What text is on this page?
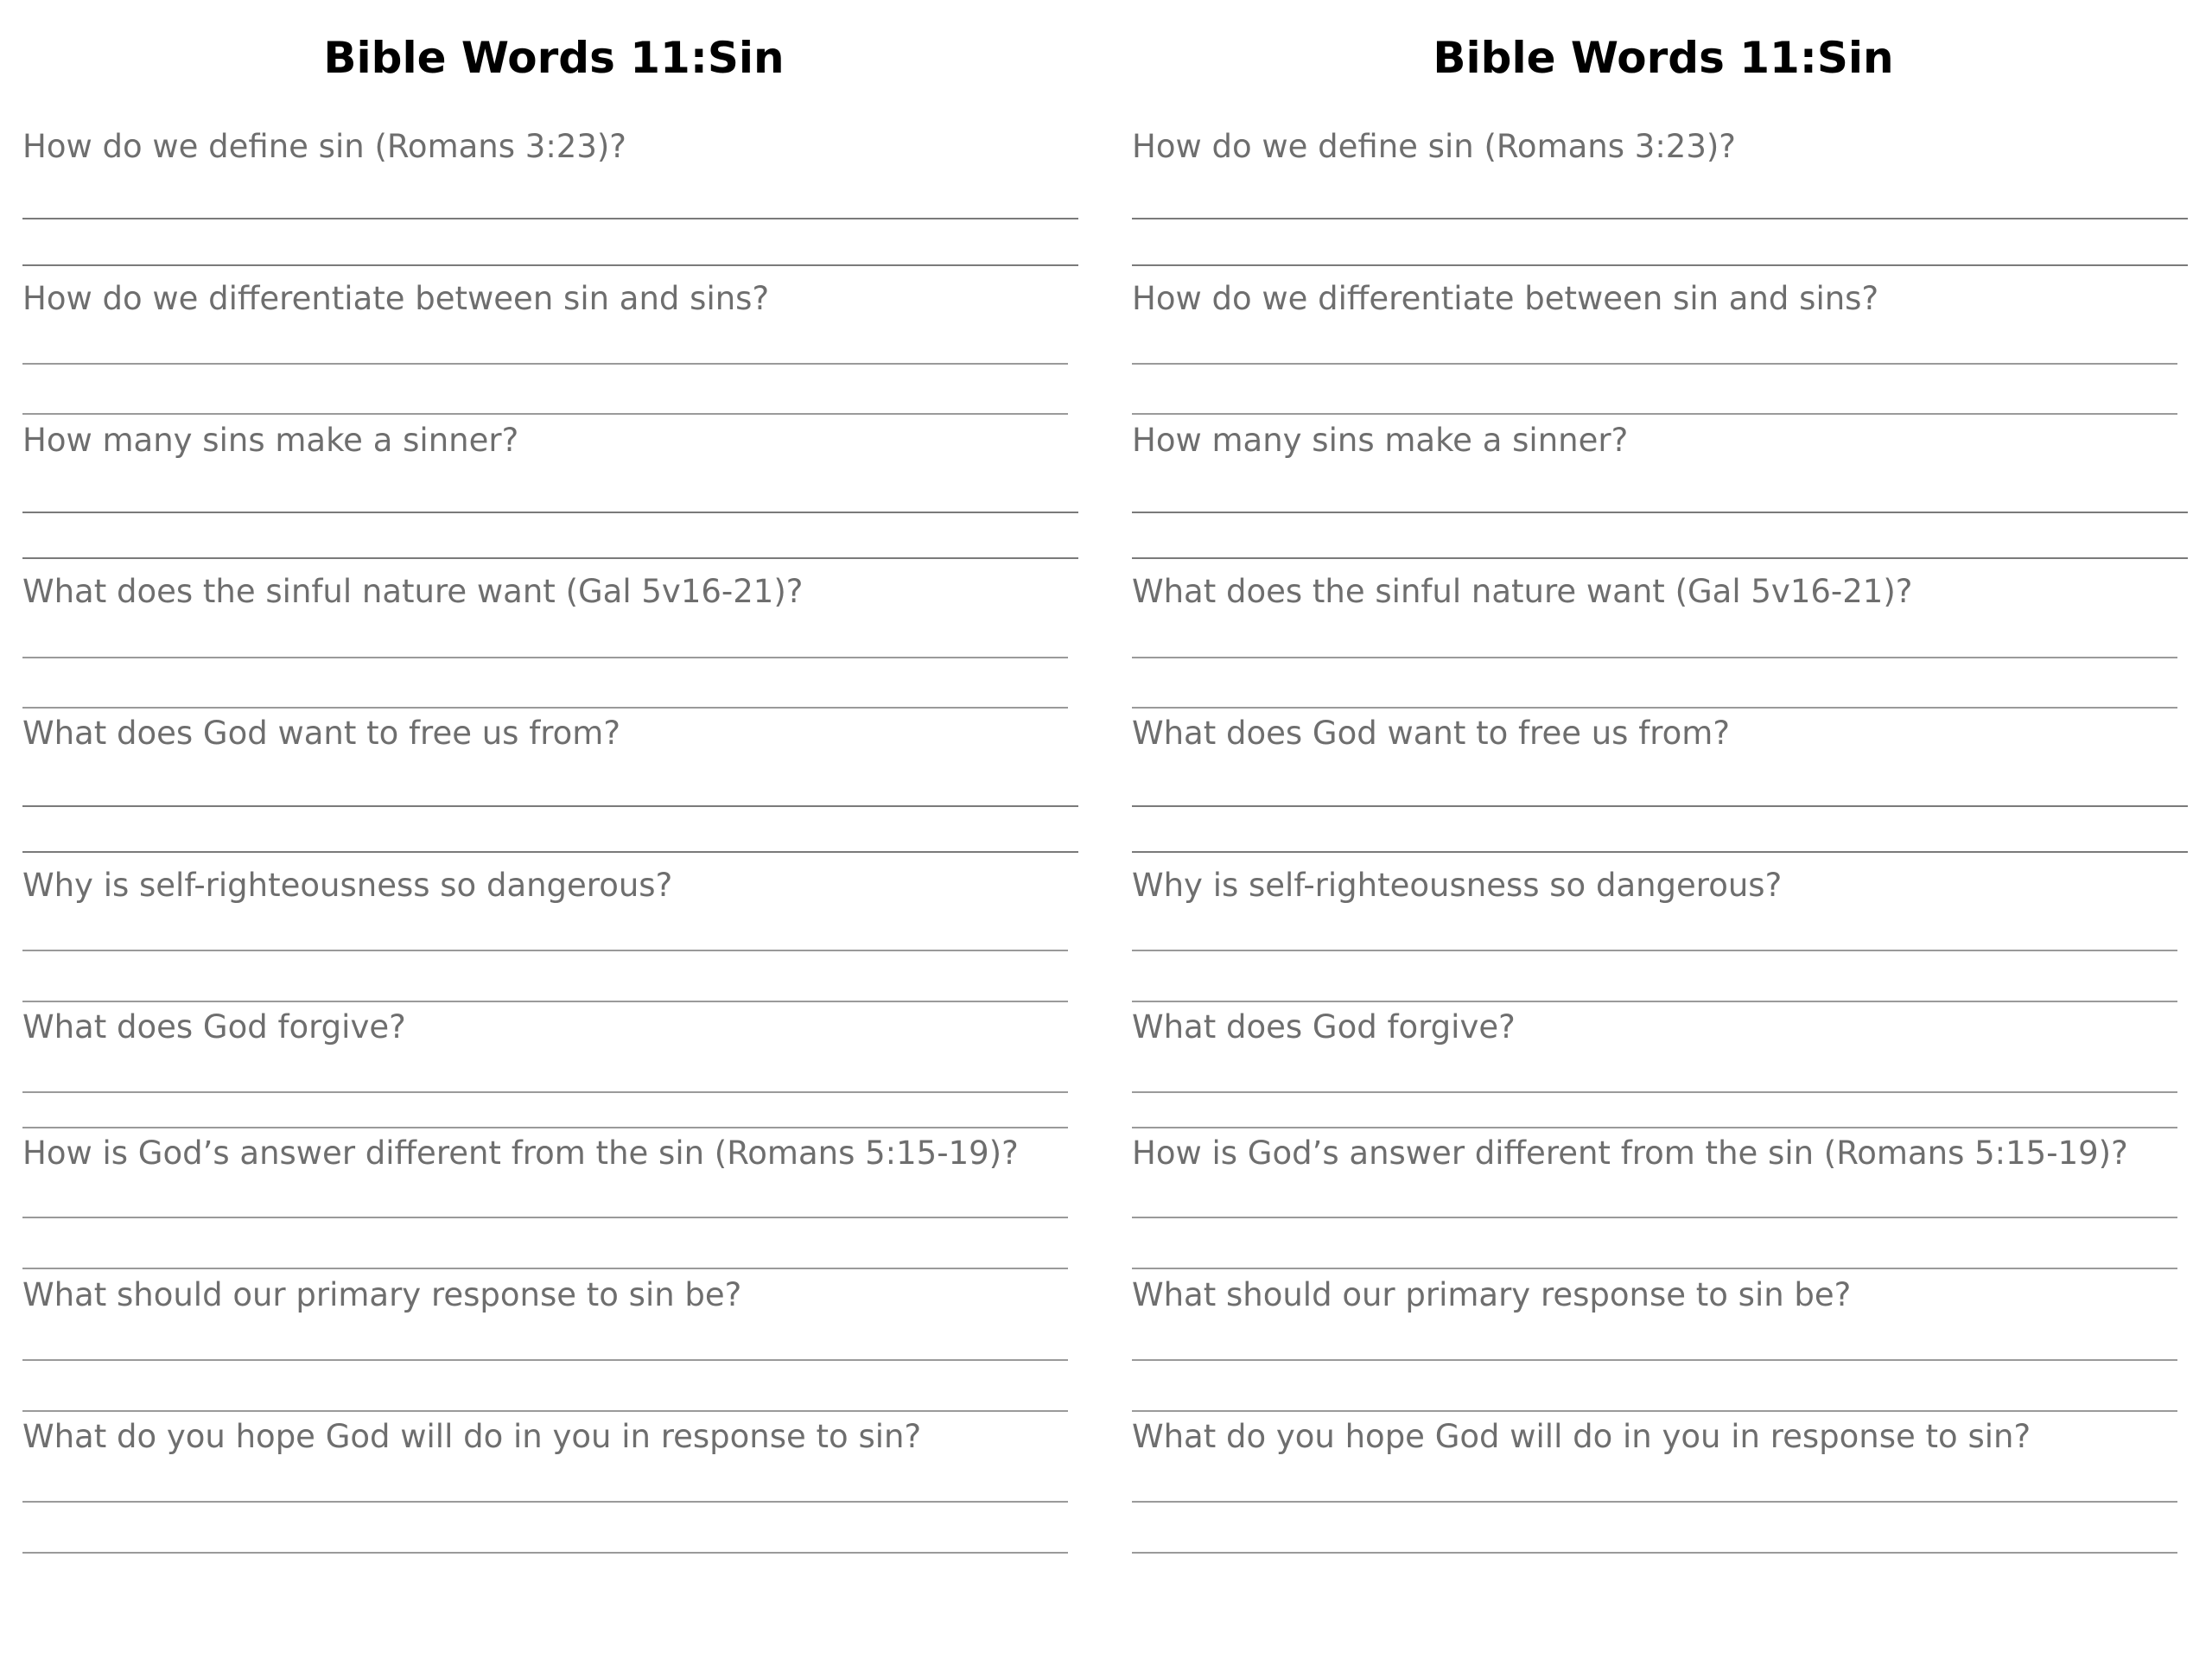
Bible Words 11:Sin
How do we define sin (Romans 3:23)?
How do we differentiate between sin and sins?
How many sins make a sinner?
What does the sinful nature want (Gal 5v16-21)?
What does God want to free us from?
Why is self-righteousness so dangerous?
What does God forgive?
How is God’s answer different from the sin (Romans 5:15-19)?
What should our primary response to sin be?
What do you hope God will do in you in response to sin?
Bible Words 11:Sin
How do we define sin (Romans 3:23)?
How do we differentiate between sin and sins?
How many sins make a sinner?
What does the sinful nature want (Gal 5v16-21)?
What does God want to free us from?
Why is self-righteousness so dangerous?
What does God forgive?
How is God’s answer different from the sin (Romans 5:15-19)?
What should our primary response to sin be?
What do you hope God will do in you in response to sin?
